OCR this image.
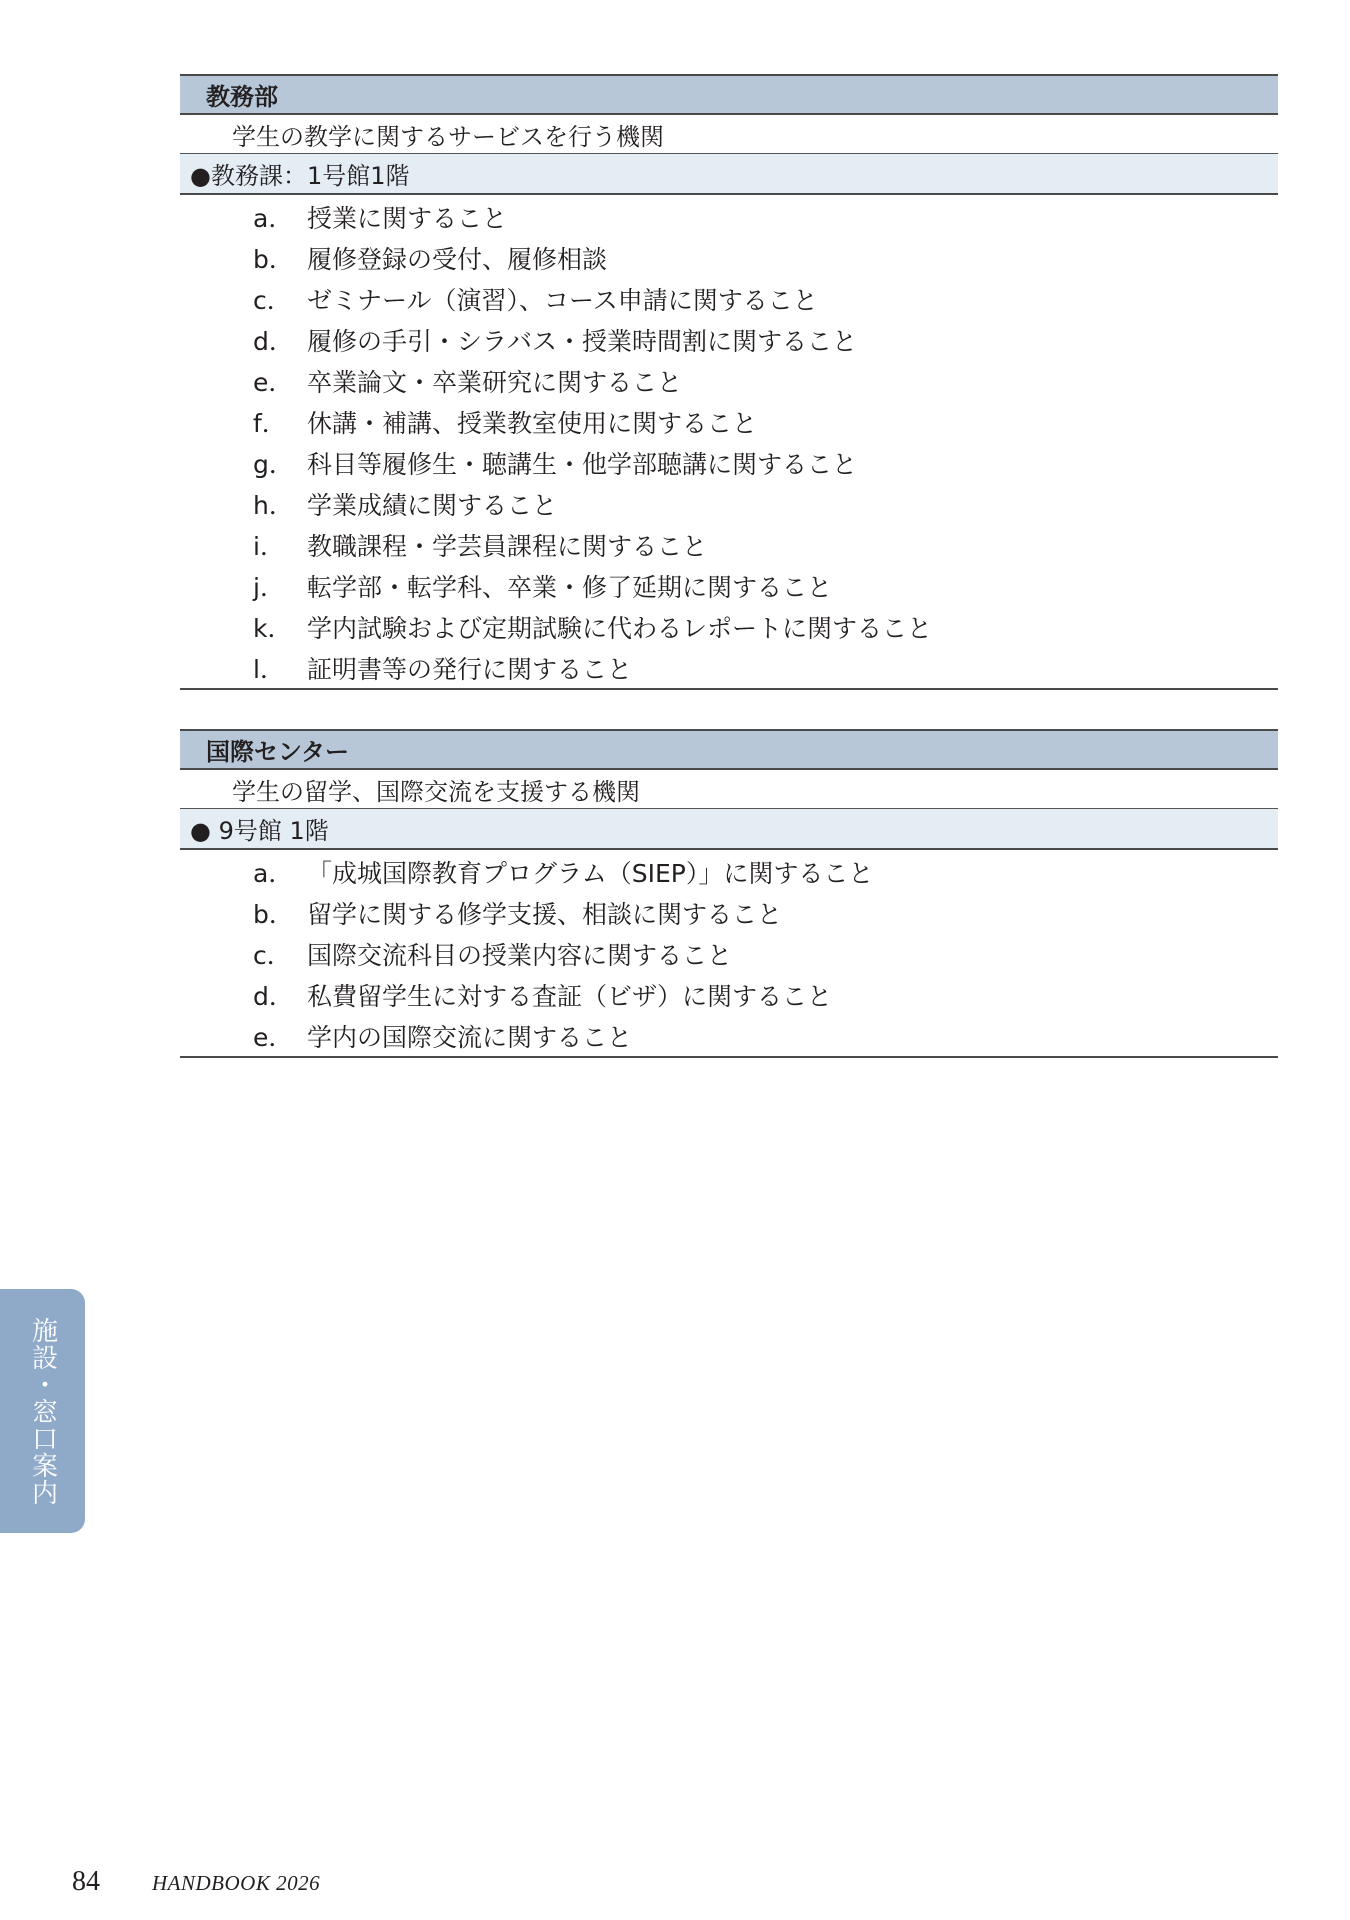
教務部
学生の教学に関するサービスを行う機関
●教務課：1号館1階
a． 授業に関すること
b． 履修登録の受付、履修相談
c． ゼミナール（演習）、コース申請に関すること
d． 履修の手引・シラバス・授業時間割に関すること
e． 卒業論文・卒業研究に関すること
f． 休講・補講、授業教室使用に関すること
g． 科目等履修生・聴講生・他学部聴講に関すること
h． 学業成績に関すること
i． 教職課程・学芸員課程に関すること
j． 転学部・転学科、卒業・修了延期に関すること
k． 学内試験および定期試験に代わるレポートに関すること
l． 証明書等の発行に関すること
国際センター
学生の留学、国際交流を支援する機関
● 9号館 1階
a． 「成城国際教育プログラム（SIEP）」に関すること
b． 留学に関する修学支援、相談に関すること
c． 国際交流科目の授業内容に関すること
d． 私費留学生に対する査証（ビザ）に関すること
e． 学内の国際交流に関すること
施設・窓口案内
84 HANDBOOK 2026
